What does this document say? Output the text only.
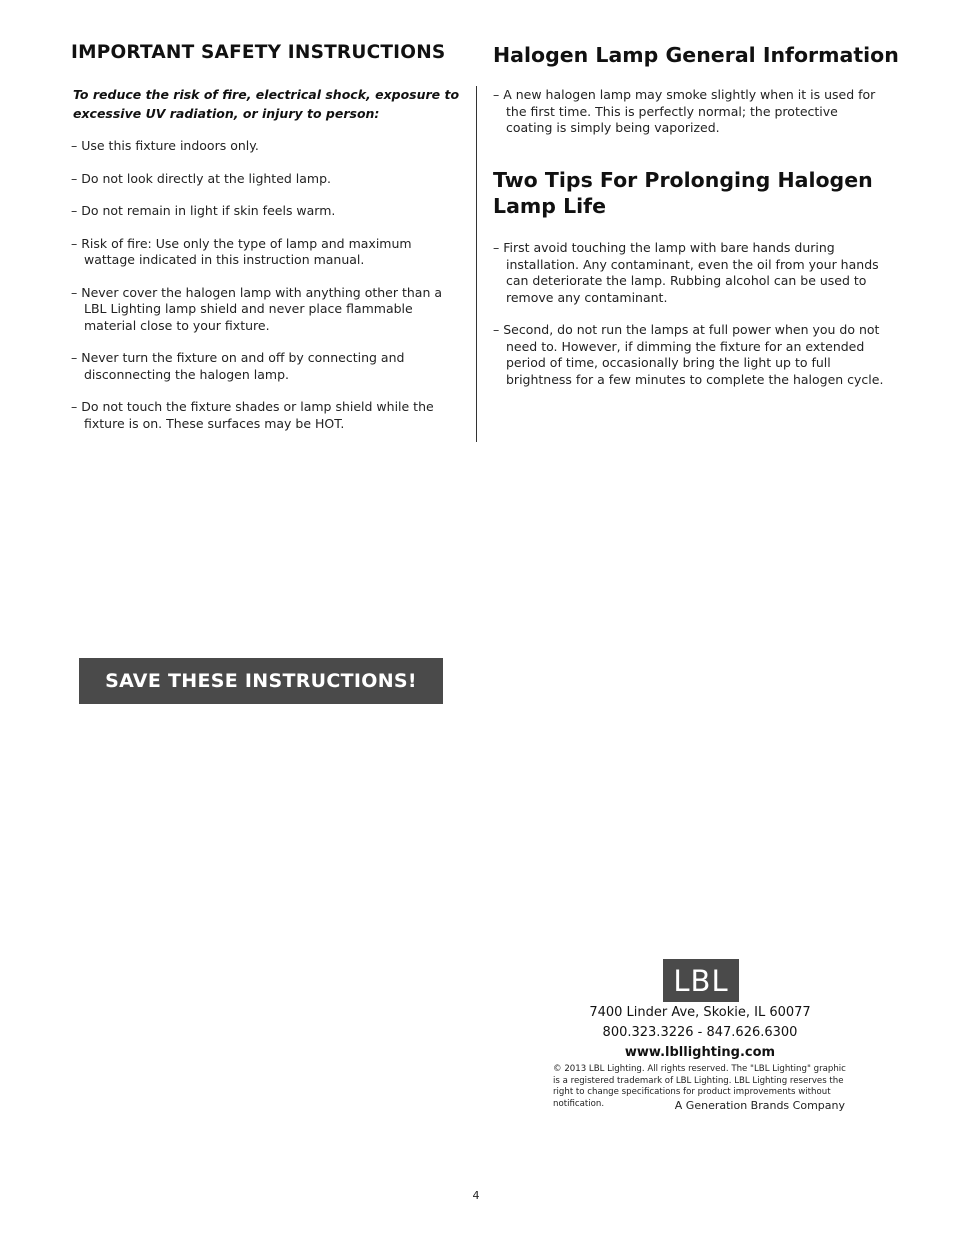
IMPORTANT SAFETY INSTRUCTIONS
To reduce the risk of fire, electrical shock, exposure to excessive UV radiation, or injury to person:

– Use this fixture indoors only.

– Do not look directly at the lighted lamp.

– Do not remain in light if skin feels warm.

– Risk of fire: Use only the type of lamp and maximum wattage indicated in this instruction manual.

– Never cover the halogen lamp with anything other than a LBL Lighting lamp shield and never place flammable material close to your fixture.

– Never turn the fixture on and off by connecting and disconnecting the halogen lamp.

– Do not touch the fixture shades or lamp shield while the fixture is on. These surfaces may be HOT.

Halogen Lamp General Information

– A new halogen lamp may smoke slightly when it is used for the first time. This is perfectly normal; the protective coating is simply being vaporized.

Two Tips For Prolonging Halogen Lamp Life

– First avoid touching the lamp with bare hands during installation. Any contaminant, even the oil from your hands can deteriorate the lamp. Rubbing alcohol can be used to remove any contaminant.

– Second, do not run the lamps at full power when you do not need to. However, if dimming the fixture for an extended period of time, occasionally bring the light up to full brightness for a few minutes to complete the halogen cycle.

SAVE THESE INSTRUCTIONS!
LBL
7400 Linder Ave, Skokie, IL 60077
800.323.3226 - 847.626.6300
www.lbllighting.com
© 2013 LBL Lighting. All rights reserved. The "LBL Lighting" graphic is a registered trademark of LBL Lighting. LBL Lighting reserves the right to change specifications for product improvements without notification.	A Generation Brands Company
4
